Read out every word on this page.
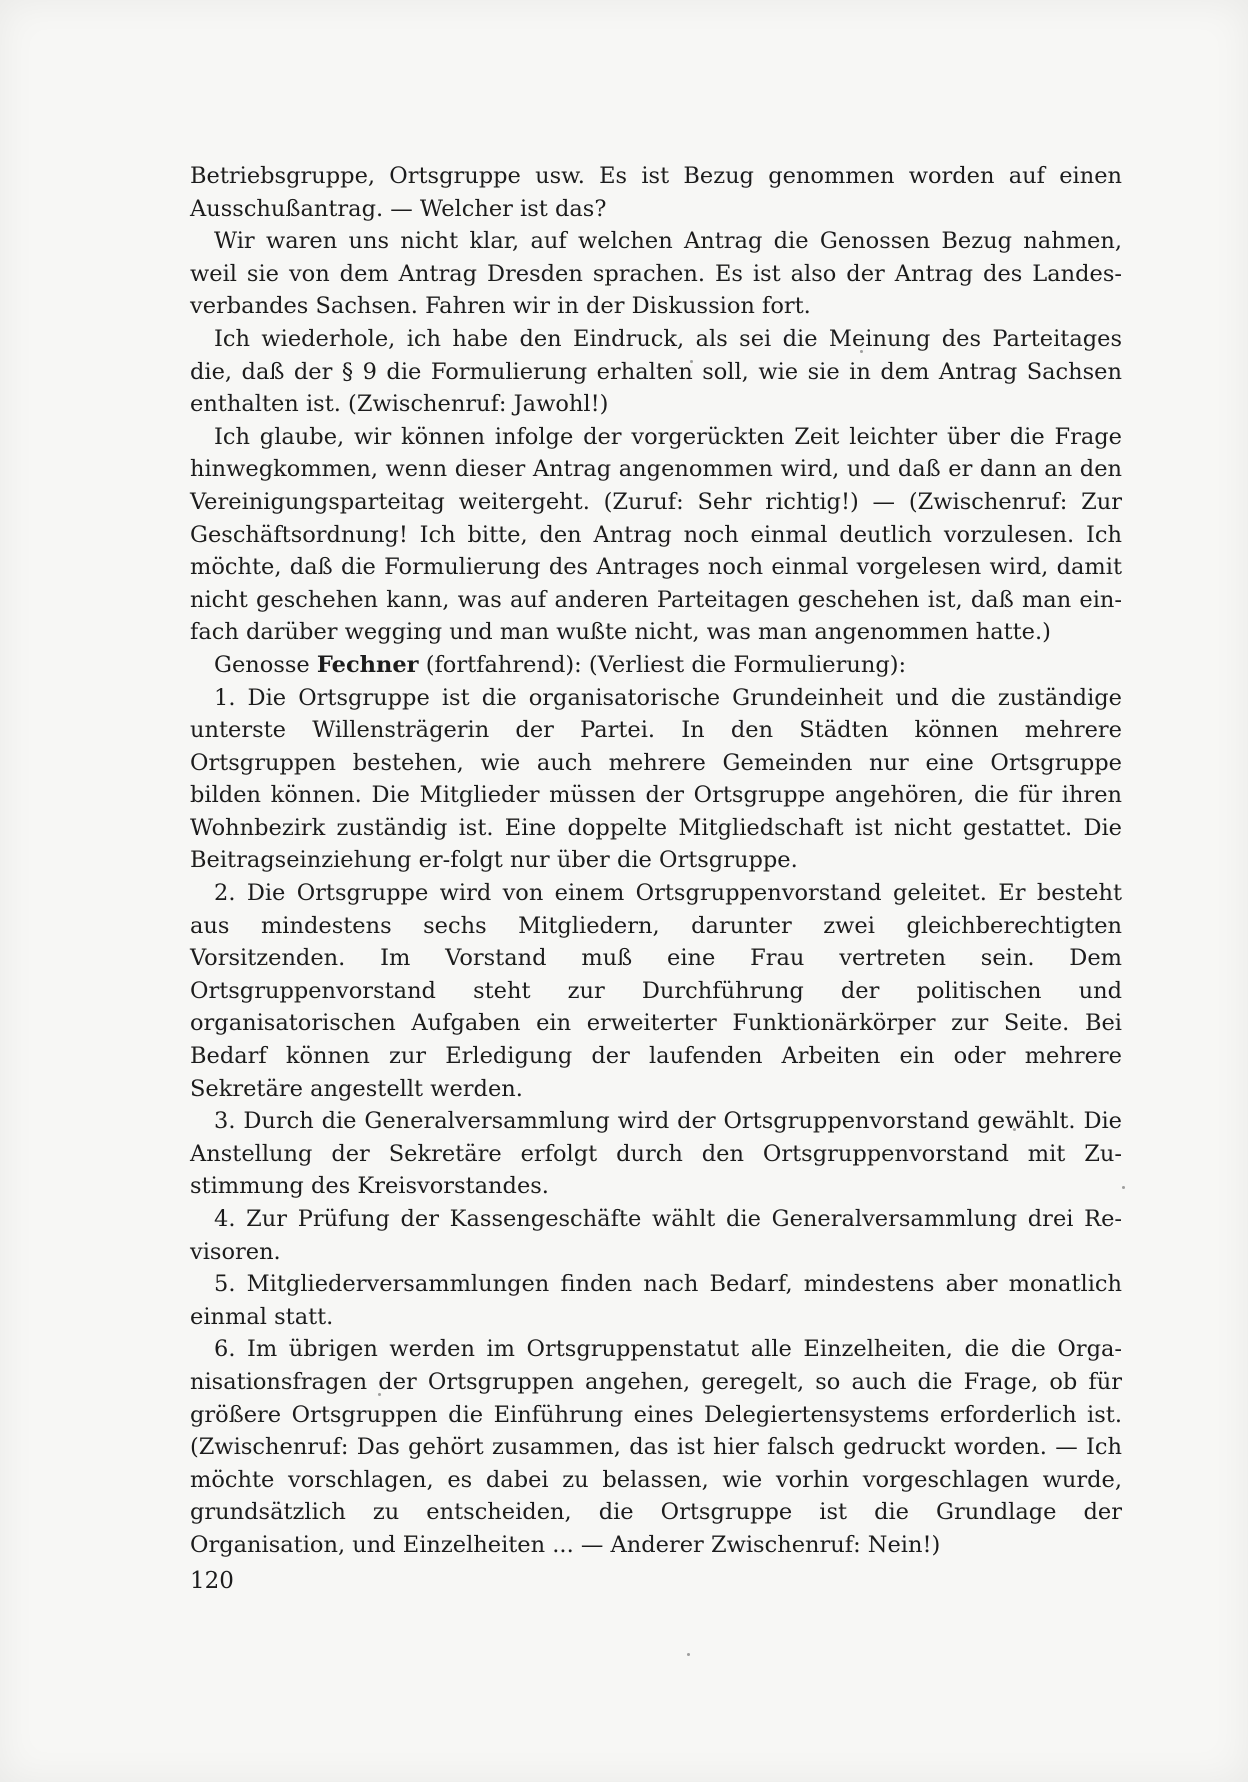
Betriebsgruppe, Ortsgruppe usw. Es ist Bezug genommen worden auf einen Ausschußantrag. — Welcher ist das?

Wir waren uns nicht klar, auf welchen Antrag die Genossen Bezug nahmen, weil sie von dem Antrag Dresden sprachen. Es ist also der Antrag des Landes-verbandes Sachsen. Fahren wir in der Diskussion fort.

Ich wiederhole, ich habe den Eindruck, als sei die Meinung des Parteitages die, daß der § 9 die Formulierung erhalten soll, wie sie in dem Antrag Sachsen enthalten ist. (Zwischenruf: Jawohl!)

Ich glaube, wir können infolge der vorgerückten Zeit leichter über die Frage hinwegkommen, wenn dieser Antrag angenommen wird, und daß er dann an den Vereinigungsparteitag weitergeht. (Zuruf: Sehr richtig!) — (Zwischenruf: Zur Geschäftsordnung! Ich bitte, den Antrag noch einmal deutlich vorzulesen. Ich möchte, daß die Formulierung des Antrages noch einmal vorgelesen wird, damit nicht geschehen kann, was auf anderen Parteitagen geschehen ist, daß man ein-fach darüber wegging und man wußte nicht, was man angenommen hatte.)

Genosse Fechner (fortfahrend): (Verliest die Formulierung):

1. Die Ortsgruppe ist die organisatorische Grundeinheit und die zuständige unterste Willensträgerin der Partei. In den Städten können mehrere Ortsgruppen bestehen, wie auch mehrere Gemeinden nur eine Ortsgruppe bilden können. Die Mitglieder müssen der Ortsgruppe angehören, die für ihren Wohnbezirk zuständig ist. Eine doppelte Mitgliedschaft ist nicht gestattet. Die Beitragseinziehung er-folgt nur über die Ortsgruppe.

2. Die Ortsgruppe wird von einem Ortsgruppenvorstand geleitet. Er besteht aus mindestens sechs Mitgliedern, darunter zwei gleichberechtigten Vorsitzenden. Im Vorstand muß eine Frau vertreten sein. Dem Ortsgruppenvorstand steht zur Durchführung der politischen und organisatorischen Aufgaben ein erweiterter Funktionärkörper zur Seite. Bei Bedarf können zur Erledigung der laufenden Arbeiten ein oder mehrere Sekretäre angestellt werden.

3. Durch die Generalversammlung wird der Ortsgruppenvorstand gewählt. Die Anstellung der Sekretäre erfolgt durch den Ortsgruppenvorstand mit Zu-stimmung des Kreisvorstandes.

4. Zur Prüfung der Kassengeschäfte wählt die Generalversammlung drei Re-visoren.

5. Mitgliederversammlungen finden nach Bedarf, mindestens aber monatlich einmal statt.

6. Im übrigen werden im Ortsgruppenstatut alle Einzelheiten, die die Orga-nisationsfragen der Ortsgruppen angehen, geregelt, so auch die Frage, ob für größere Ortsgruppen die Einführung eines Delegiertensystems erforderlich ist. (Zwischenruf: Das gehört zusammen, das ist hier falsch gedruckt worden. — Ich möchte vorschlagen, es dabei zu belassen, wie vorhin vorgeschlagen wurde, grundsätzlich zu entscheiden, die Ortsgruppe ist die Grundlage der Organisation, und Einzelheiten ... — Anderer Zwischenruf: Nein!)

120
